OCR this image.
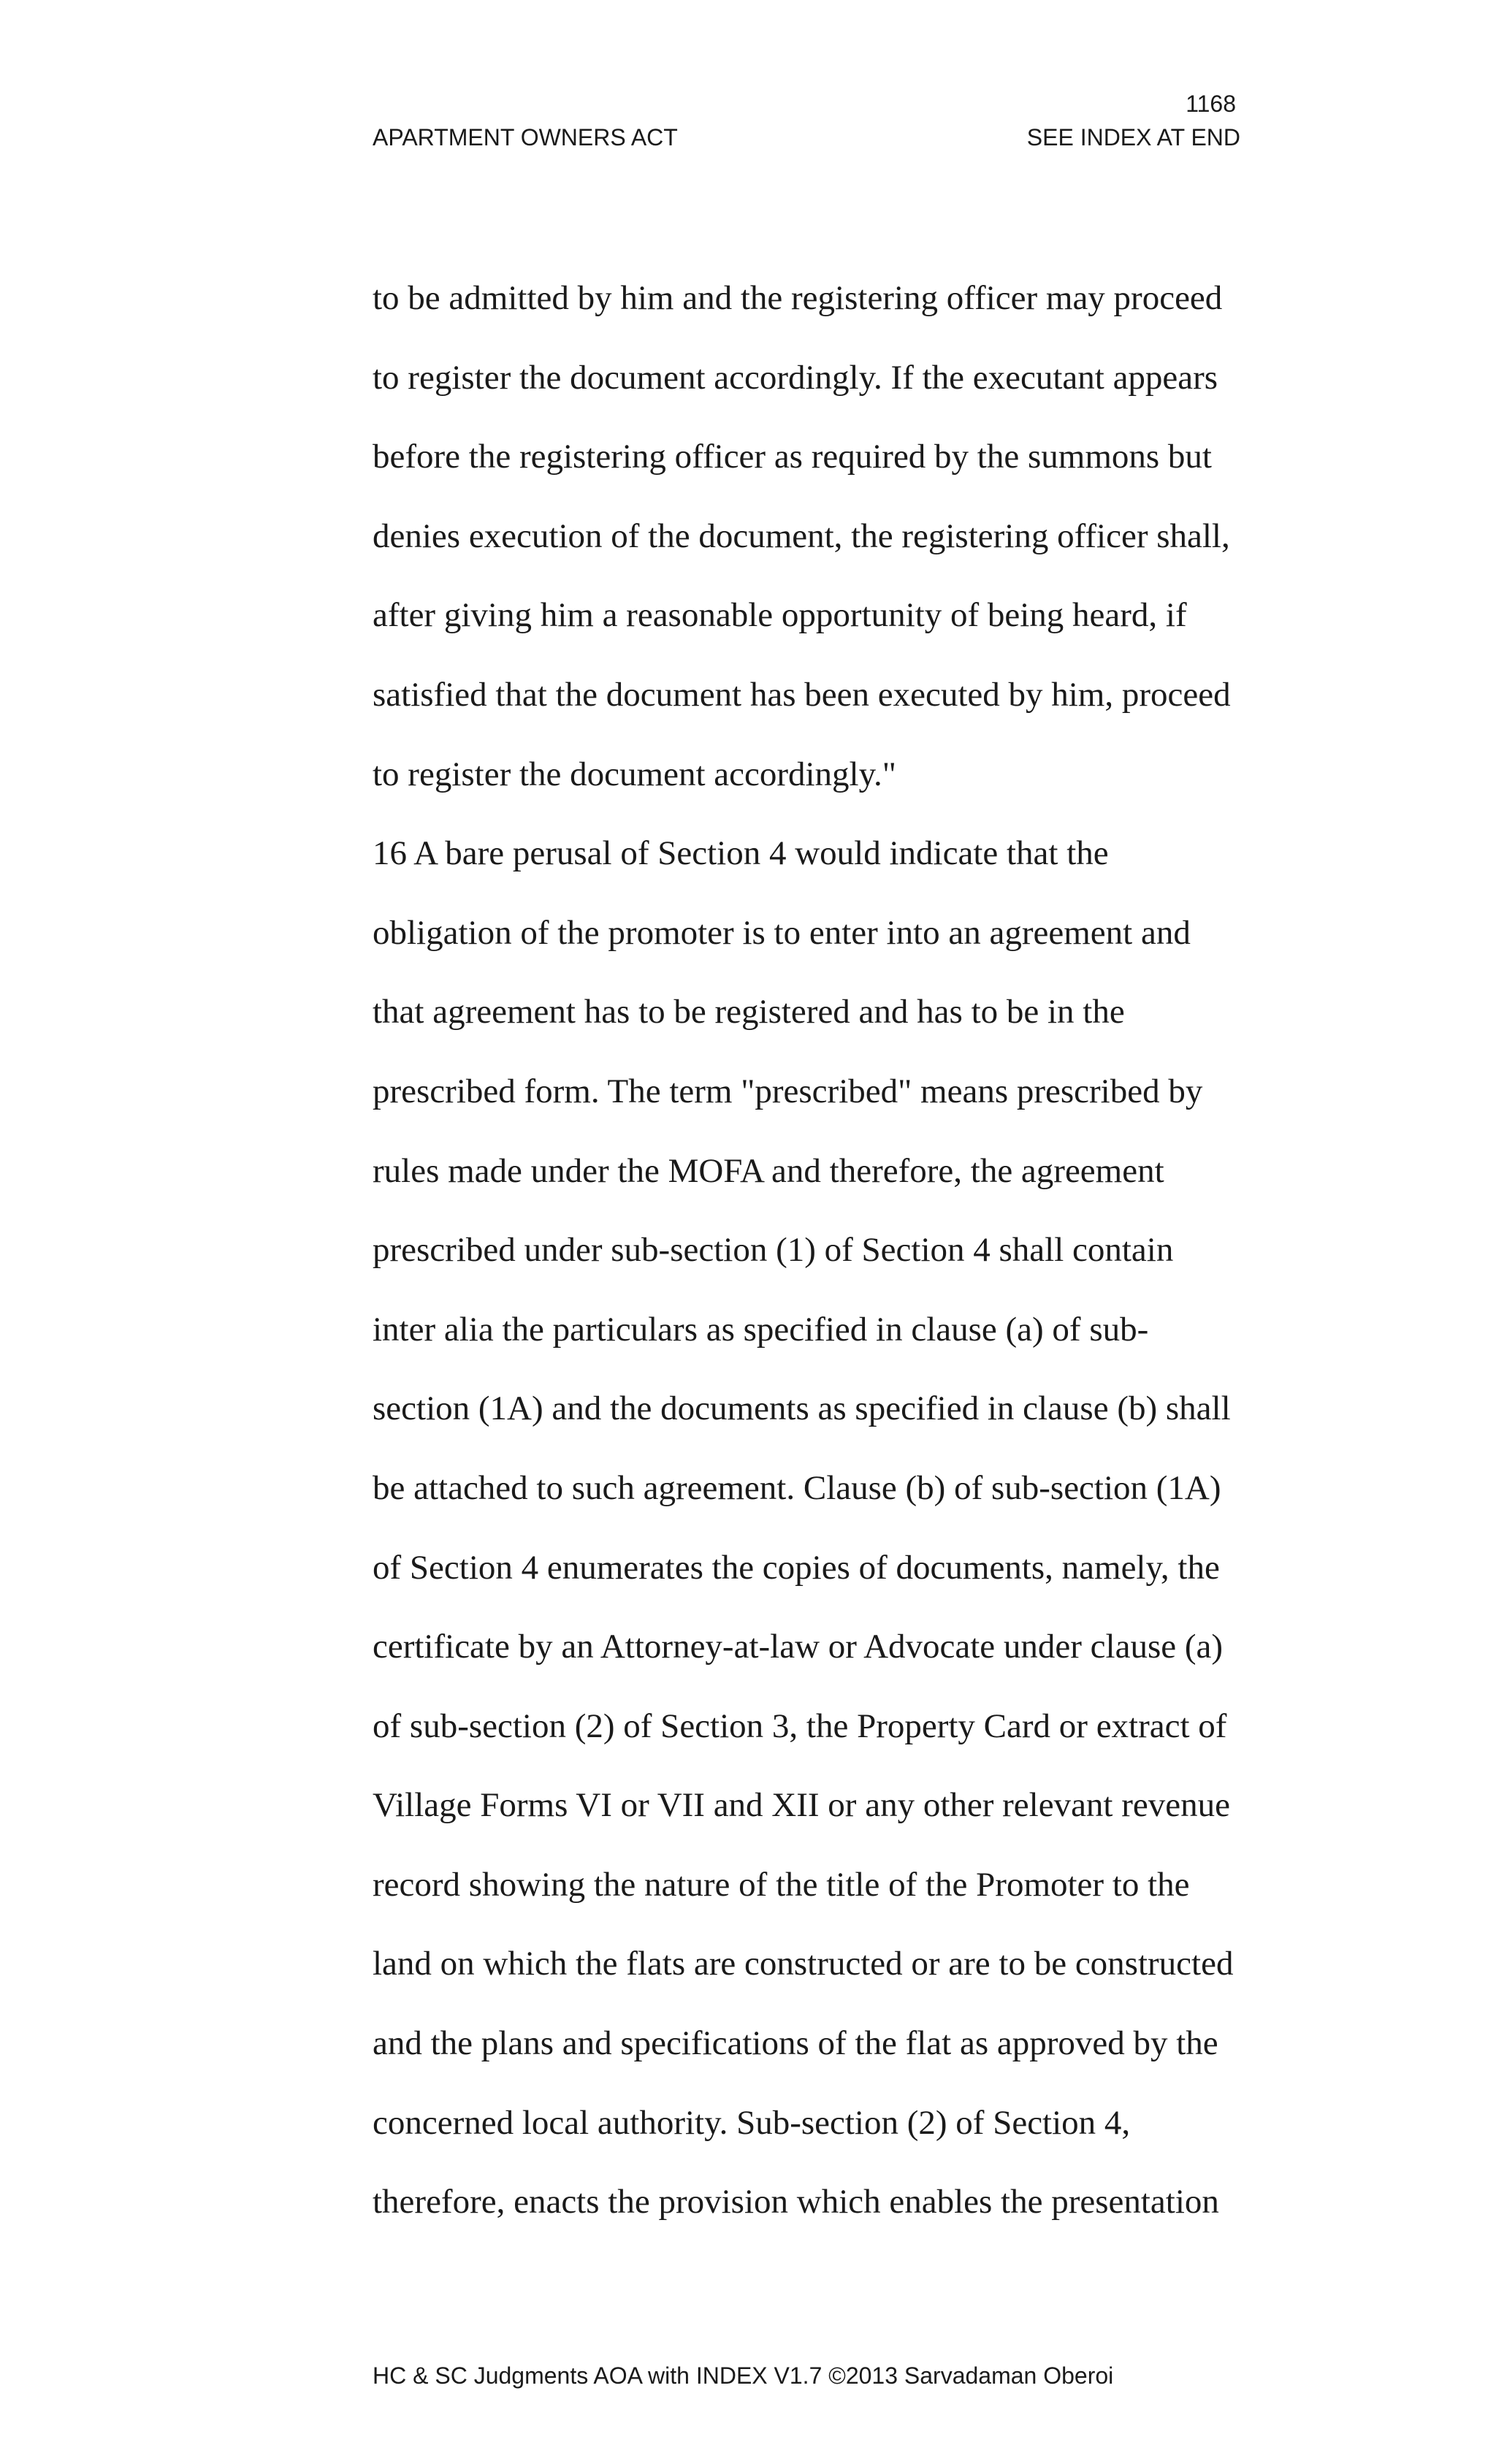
1168
APARTMENT OWNERS ACT	SEE INDEX AT END
to be admitted by him and the registering officer may proceed
to register the document accordingly. If the executant appears
before the registering officer as required by the summons but
denies execution of the document, the registering officer shall,
after giving him a reasonable opportunity of being heard, if
satisfied that the document has been executed by him, proceed
to register the document accordingly."
16 A bare perusal of Section 4 would indicate that the
obligation of the promoter is to enter into an agreement and
that agreement has to be registered and has to be in the
prescribed form. The term "prescribed" means prescribed by
rules made under the MOFA and therefore, the agreement
prescribed under sub-section (1) of Section 4 shall contain
inter alia the particulars as specified in clause (a) of sub-
section (1A) and the documents as specified in clause (b) shall
be attached to such agreement. Clause (b) of sub-section (1A)
of Section 4 enumerates the copies of documents, namely, the
certificate by an Attorney-at-law or Advocate under clause (a)
of sub-section (2) of Section 3, the Property Card or extract of
Village Forms VI or VII and XII or any other relevant revenue
record showing the nature of the title of the Promoter to the
land on which the flats are constructed or are to be constructed
and the plans and specifications of the flat as approved by the
concerned local authority. Sub-section (2) of Section 4,
therefore, enacts the provision which enables the presentation
HC & SC Judgments AOA with INDEX V1.7 ©2013 Sarvadaman Oberoi
